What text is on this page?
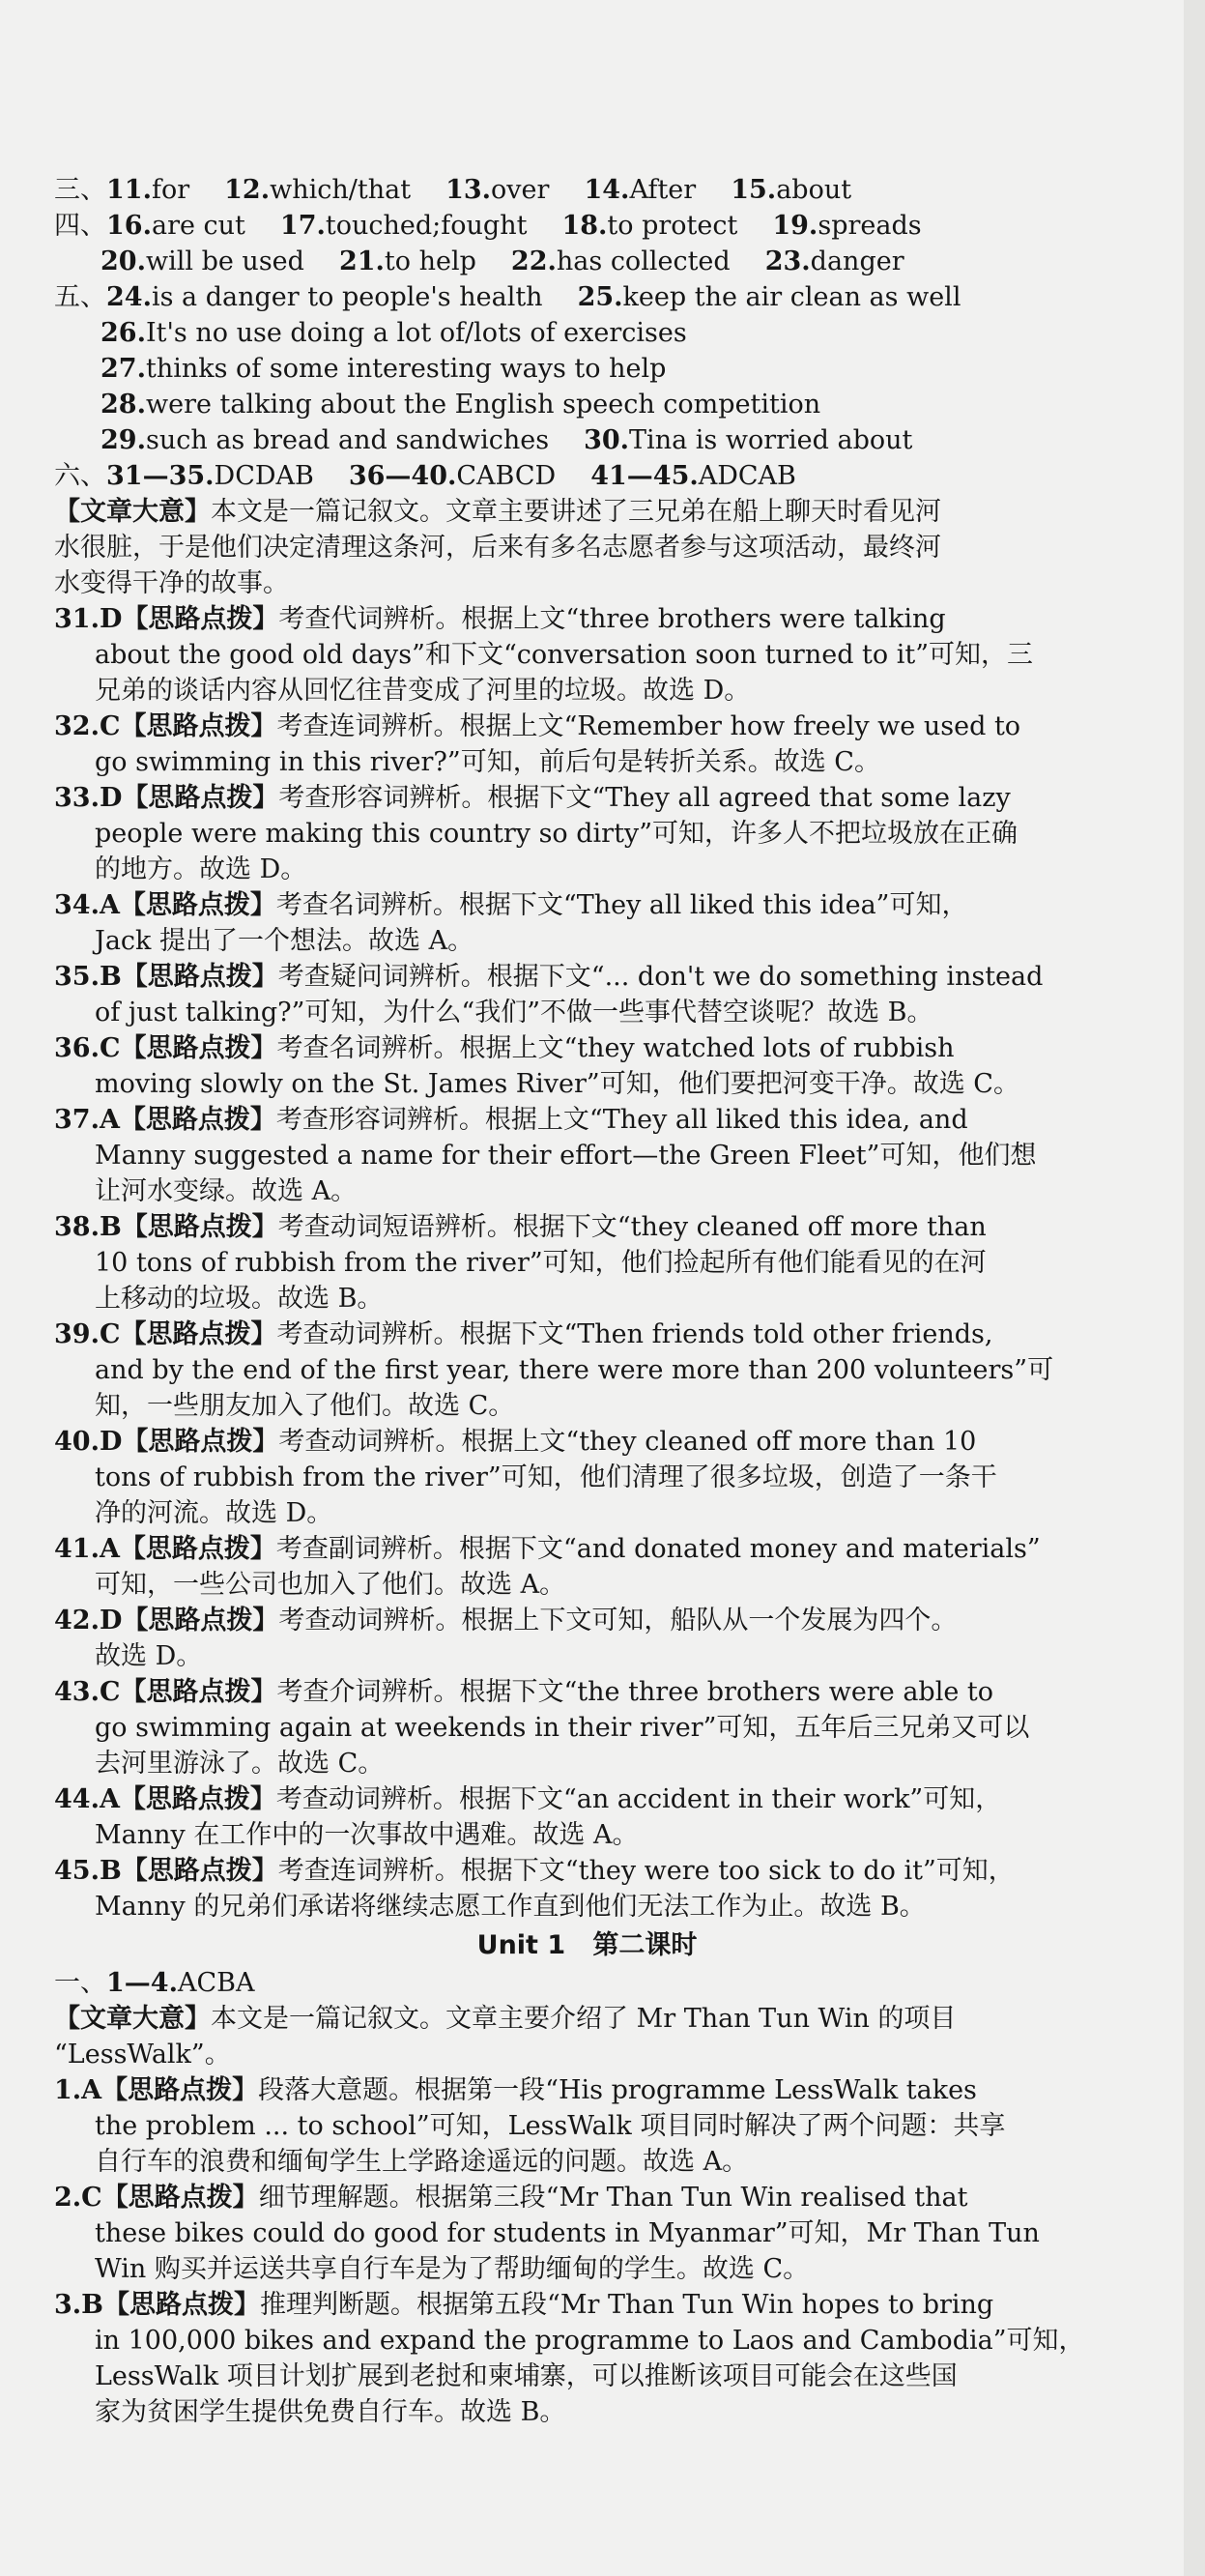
三、11.for 12.which/that 13.over 14.After 15.about
四、16.are cut 17.touched;fought 18.to protect 19.spreads
20.will be used 21.to help 22.has collected 23.danger
五、24.is a danger to people's health 25.keep the air clean as well
26.It's no use doing a lot of/lots of exercises
27.thinks of some interesting ways to help
28.were talking about the English speech competition
29.such as bread and sandwiches 30.Tina is worried about
六、31—35.DCDAB 36—40.CABCD 41—45.ADCAB
【文章大意】本文是一篇记叙文。文章主要讲述了三兄弟在船上聊天时看见河
水很脏，于是他们决定清理这条河，后来有多名志愿者参与这项活动，最终河
水变得干净的故事。
31.D【思路点拨】考查代词辨析。根据上文“three brothers were talking
about the good old days”和下文“conversation soon turned to it”可知，三
兄弟的谈话内容从回忆往昔变成了河里的垃圾。故选 D。
32.C【思路点拨】考查连词辨析。根据上文“Remember how freely we used to
go swimming in this river?”可知，前后句是转折关系。故选 C。
33.D【思路点拨】考查形容词辨析。根据下文“They all agreed that some lazy
people were making this country so dirty”可知，许多人不把垃圾放在正确
的地方。故选 D。
34.A【思路点拨】考查名词辨析。根据下文“They all liked this idea”可知，
Jack 提出了一个想法。故选 A。
35.B【思路点拨】考查疑问词辨析。根据下文“... don't we do something instead
of just talking?”可知，为什么“我们”不做一些事代替空谈呢？故选 B。
36.C【思路点拨】考查名词辨析。根据上文“they watched lots of rubbish
moving slowly on the St. James River”可知，他们要把河变干净。故选 C。
37.A【思路点拨】考查形容词辨析。根据上文“They all liked this idea, and
Manny suggested a name for their effort—the Green Fleet”可知，他们想
让河水变绿。故选 A。
38.B【思路点拨】考查动词短语辨析。根据下文“they cleaned off more than
10 tons of rubbish from the river”可知，他们捡起所有他们能看见的在河
上移动的垃圾。故选 B。
39.C【思路点拨】考查动词辨析。根据下文“Then friends told other friends,
and by the end of the first year, there were more than 200 volunteers”可
知，一些朋友加入了他们。故选 C。
40.D【思路点拨】考查动词辨析。根据上文“they cleaned off more than 10
tons of rubbish from the river”可知，他们清理了很多垃圾，创造了一条干
净的河流。故选 D。
41.A【思路点拨】考查副词辨析。根据下文“and donated money and materials”
可知，一些公司也加入了他们。故选 A。
42.D【思路点拨】考查动词辨析。根据上下文可知，船队从一个发展为四个。
故选 D。
43.C【思路点拨】考查介词辨析。根据下文“the three brothers were able to
go swimming again at weekends in their river”可知，五年后三兄弟又可以
去河里游泳了。故选 C。
44.A【思路点拨】考查动词辨析。根据下文“an accident in their work”可知，
Manny 在工作中的一次事故中遇难。故选 A。
45.B【思路点拨】考查连词辨析。根据下文“they were too sick to do it”可知，
Manny 的兄弟们承诺将继续志愿工作直到他们无法工作为止。故选 B。
Unit 1 第二课时
一、1—4.ACBA
【文章大意】本文是一篇记叙文。文章主要介绍了 Mr Than Tun Win 的项目
“LessWalk”。
1.A【思路点拨】段落大意题。根据第一段“His programme LessWalk takes
the problem ... to school”可知，LessWalk 项目同时解决了两个问题：共享
自行车的浪费和缅甸学生上学路途遥远的问题。故选 A。
2.C【思路点拨】细节理解题。根据第三段“Mr Than Tun Win realised that
these bikes could do good for students in Myanmar”可知，Mr Than Tun
Win 购买并运送共享自行车是为了帮助缅甸的学生。故选 C。
3.B【思路点拨】推理判断题。根据第五段“Mr Than Tun Win hopes to bring
in 100,000 bikes and expand the programme to Laos and Cambodia”可知，
LessWalk 项目计划扩展到老挝和柬埔寨，可以推断该项目可能会在这些国
家为贫困学生提供免费自行车。故选 B。
